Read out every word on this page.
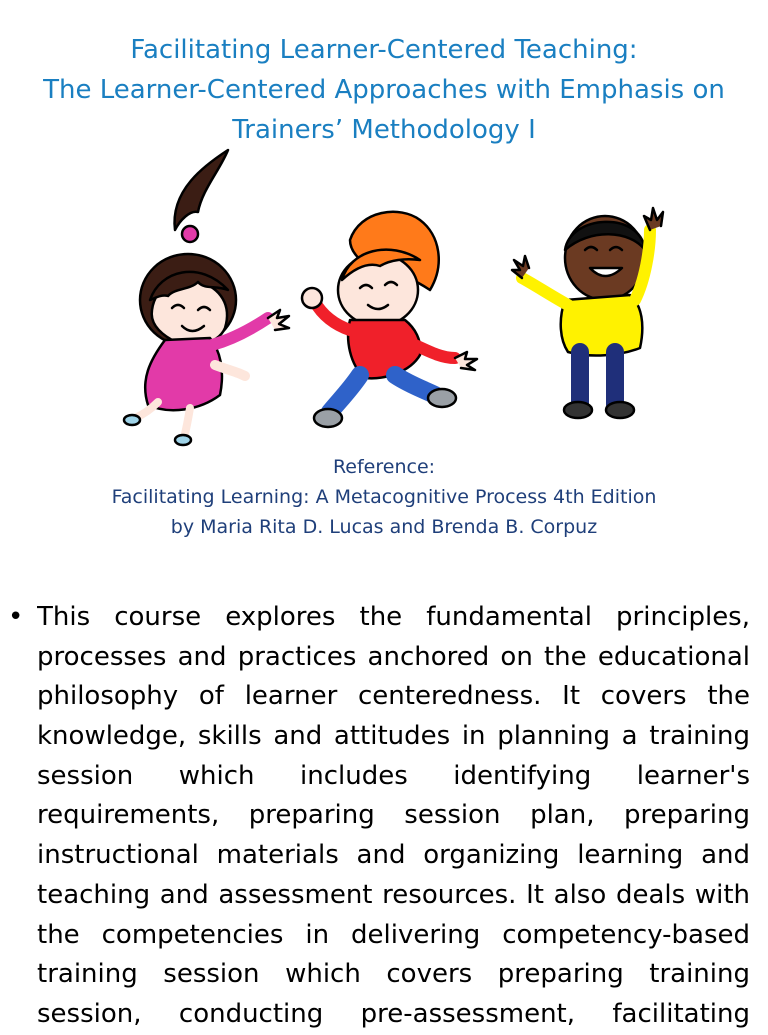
Facilitating Learner-Centered Teaching:
The Learner-Centered Approaches with Emphasis on
Trainers’ Methodology I
Reference:
Facilitating Learning: A Metacognitive Process 4th Edition
by Maria Rita D. Lucas and Brenda B. Corpuz
• This course explores the fundamental principles,
processes and practices anchored on the educational
philosophy of learner centeredness. It covers the
knowledge, skills and attitudes in planning a training
session which includes identifying learner's
requirements, preparing session plan, preparing
instructional materials and organizing learning and
teaching and assessment resources. It also deals with
the competencies in delivering competency-based
training session which covers preparing training
session, conducting pre-assessment, facilitating
